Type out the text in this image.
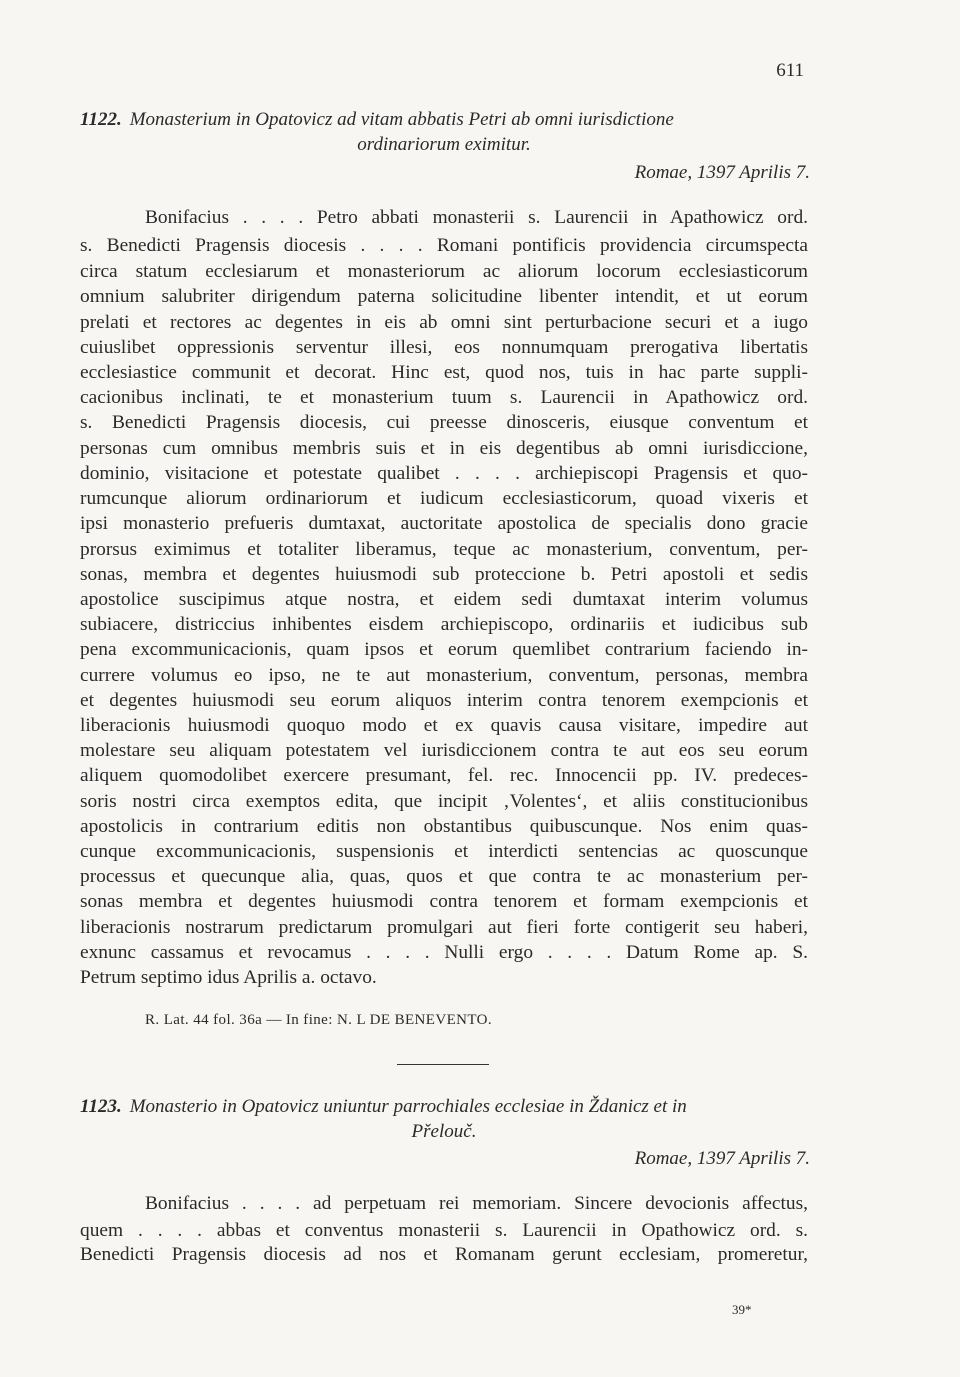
611
1122. Monasterium in Opatovicz ad vitam abbatis Petri ab omni iurisdictione
ordinariorum eximitur.
Romae, 1397 Aprilis 7.
Bonifacius . . . . Petro abbati monasterii s. Laurencii in Apathowicz ord.
s. Benedicti Pragensis diocesis . . . . Romani pontificis providencia circumspecta
circa statum ecclesiarum et monasteriorum ac aliorum locorum ecclesiasticorum
omnium salubriter dirigendum paterna solicitudine libenter intendit, et ut eorum
prelati et rectores ac degentes in eis ab omni sint perturbacione securi et a iugo
cuiuslibet oppressionis serventur illesi, eos nonnumquam prerogativa libertatis
ecclesiastice communit et decorat. Hinc est, quod nos, tuis in hac parte suppli-
cacionibus inclinati, te et monasterium tuum s. Laurencii in Apathowicz ord.
s. Benedicti Pragensis diocesis, cui preesse dinosceris, eiusque conventum et
personas cum omnibus membris suis et in eis degentibus ab omni iurisdiccione,
dominio, visitacione et potestate qualibet . . . . archiepiscopi Pragensis et quo-
rumcunque aliorum ordinariorum et iudicum ecclesiasticorum, quoad vixeris et
ipsi monasterio prefueris dumtaxat, auctoritate apostolica de specialis dono gracie
prorsus eximimus et totaliter liberamus, teque ac monasterium, conventum, per-
sonas, membra et degentes huiusmodi sub proteccione b. Petri apostoli et sedis
apostolice suscipimus atque nostra, et eidem sedi dumtaxat interim volumus
subiacere, districcius inhibentes eisdem archiepiscopo, ordinariis et iudicibus sub
pena excommunicacionis, quam ipsos et eorum quemlibet contrarium faciendo in-
currere volumus eo ipso, ne te aut monasterium, conventum, personas, membra
et degentes huiusmodi seu eorum aliquos interim contra tenorem exempcionis et
liberacionis huiusmodi quoquo modo et ex quavis causa visitare, impedire aut
molestare seu aliquam potestatem vel iurisdiccionem contra te aut eos seu eorum
aliquem quomodolibet exercere presumant, fel. rec. Innocencii pp. IV. predeces-
soris nostri circa exemptos edita, que incipit ‚Volentes‘, et aliis constitucionibus
apostolicis in contrarium editis non obstantibus quibuscunque. Nos enim quas-
cunque excommunicacionis, suspensionis et interdicti sentencias ac quoscunque
processus et quecunque alia, quas, quos et que contra te ac monasterium per-
sonas membra et degentes huiusmodi contra tenorem et formam exempcionis et
liberacionis nostrarum predictarum promulgari aut fieri forte contigerit seu haberi,
exnunc cassamus et revocamus . . . . Nulli ergo . . . . Datum Rome ap. S.
Petrum septimo idus Aprilis a. octavo.
R. Lat. 44 fol. 36a — In fine: N. L DE BENEVENTO.
1123. Monasterio in Opatovicz uniuntur parrochiales ecclesiae in Ždanicz et in
Přelouč.
Romae, 1397 Aprilis 7.
Bonifacius . . . . ad perpetuam rei memoriam. Sincere devocionis affectus,
quem . . . . abbas et conventus monasterii s. Laurencii in Opathowicz ord. s.
Benedicti Pragensis diocesis ad nos et Romanam gerunt ecclesiam, promeretur,
39*
